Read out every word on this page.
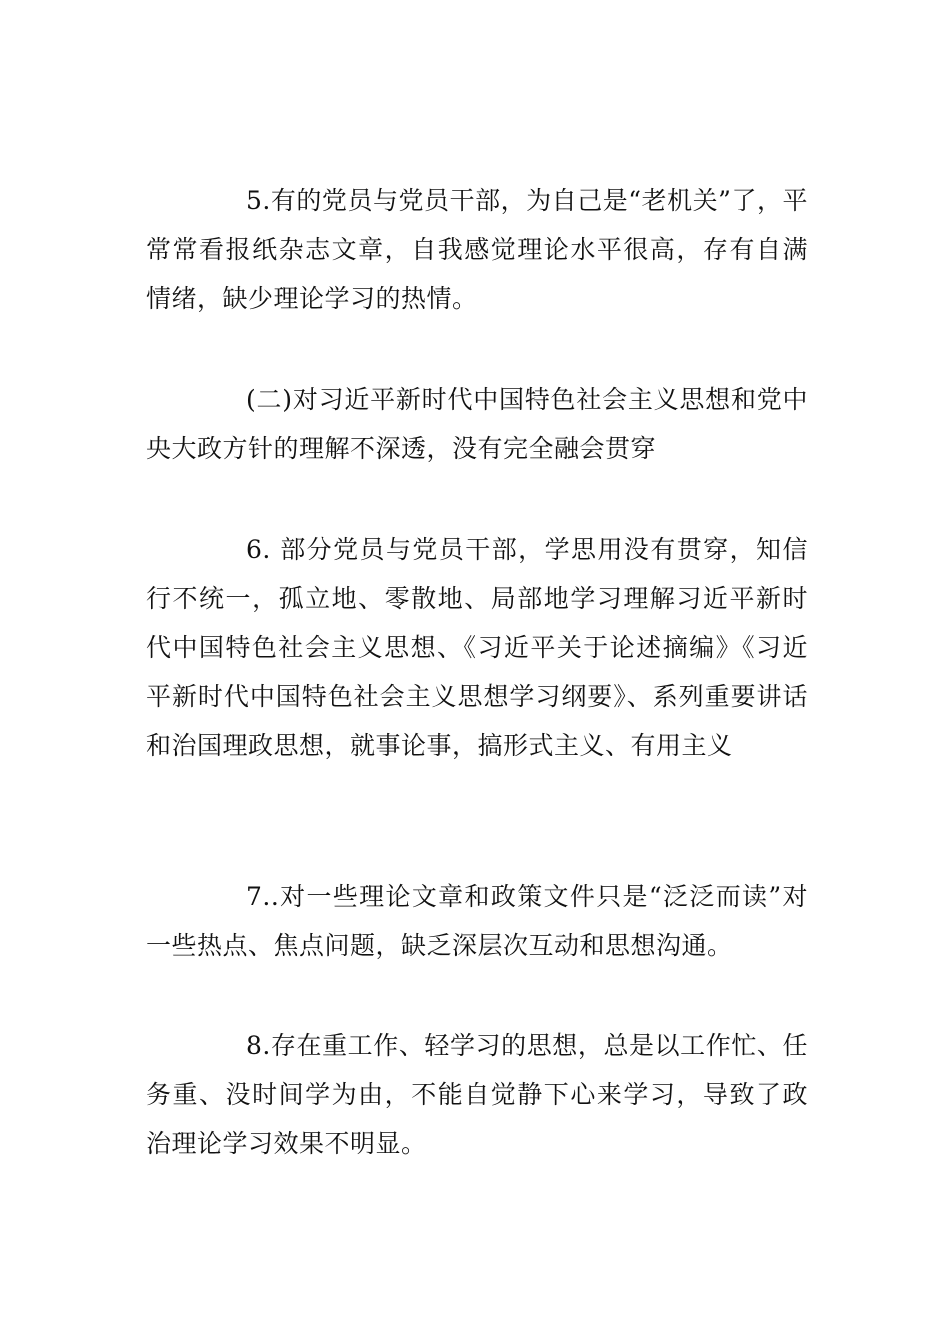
5.有的党员与党员干部，为自己是“老机关”了，平常常看报纸杂志文章，自我感觉理论水平很高，存有自满情绪，缺少理论学习的热情。

(二)对习近平新时代中国特色社会主义思想和党中央大政方针的理解不深透，没有完全融会贯穿

6. 部分党员与党员干部，学思用没有贯穿，知信行不统一，孤立地、零散地、局部地学习理解习近平新时代中国特色社会主义思想、《习近平关于论述摘编》《习近平新时代中国特色社会主义思想学习纲要》、系列重要讲话和治国理政思想，就事论事，搞形式主义、有用主义

7..对一些理论文章和政策文件只是“泛泛而读”对一些热点、焦点问题，缺乏深层次互动和思想沟通。

8.存在重工作、轻学习的思想，总是以工作忙、任务重、没时间学为由，不能自觉静下心来学习，导致了政治理论学习效果不明显。
